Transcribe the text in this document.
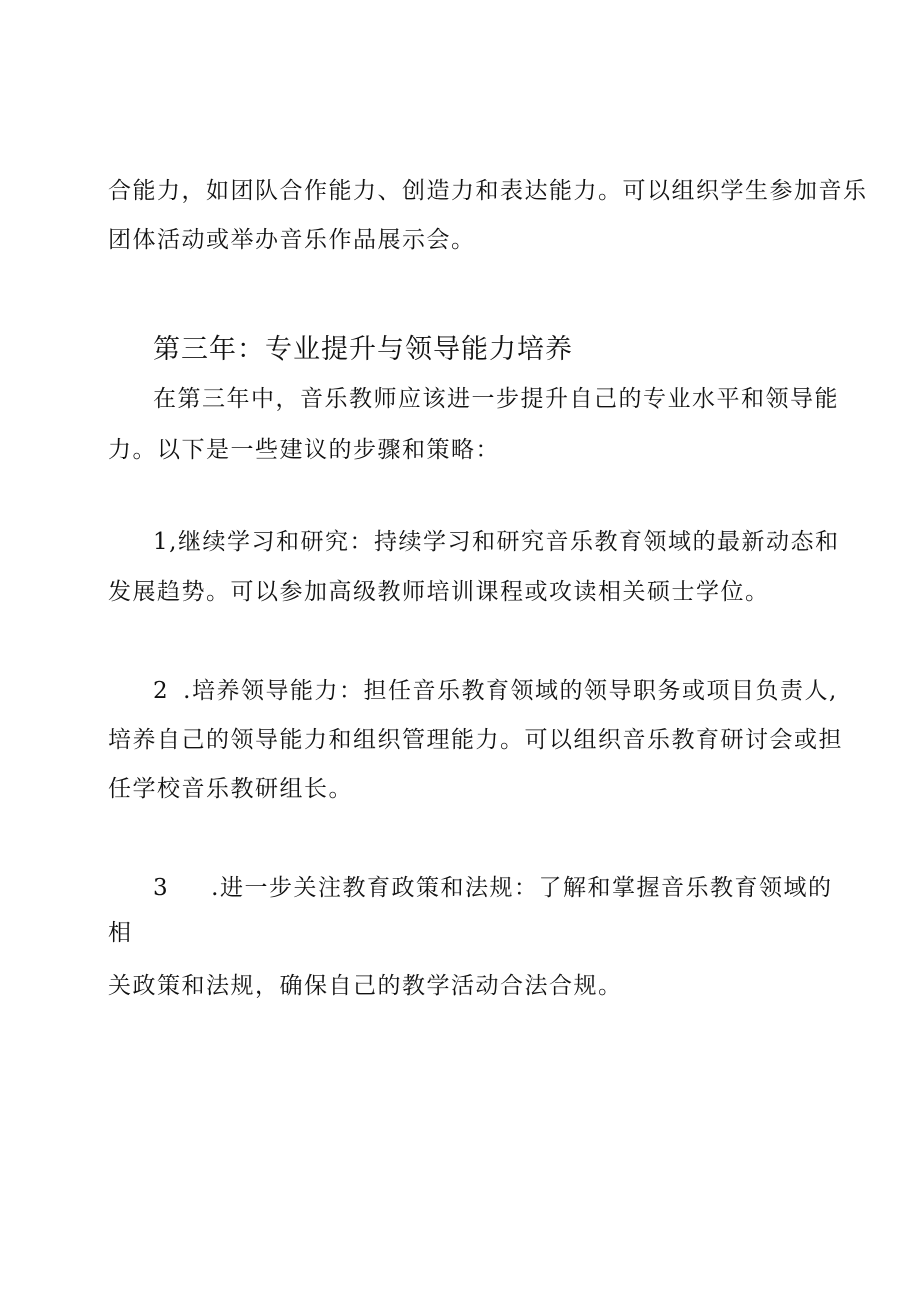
合能力，如团队合作能力、创造力和表达能力。可以组织学生参加音乐
团体活动或举办音乐作品展示会。
第三年：专业提升与领导能力培养
在第三年中，音乐教师应该进一步提升自己的专业水平和领导能
力。以下是一些建议的步骤和策略：
1,继续学习和研究：持续学习和研究音乐教育领域的最新动态和
发展趋势。可以参加高级教师培训课程或攻读相关硕士学位。
2 .培养领导能力：担任音乐教育领域的领导职务或项目负责人,
培养自己的领导能力和组织管理能力。可以组织音乐教育研讨会或担
任学校音乐教研组长。
3 .进一步关注教育政策和法规：了解和掌握音乐教育领域的
相
关政策和法规，确保自己的教学活动合法合规。
